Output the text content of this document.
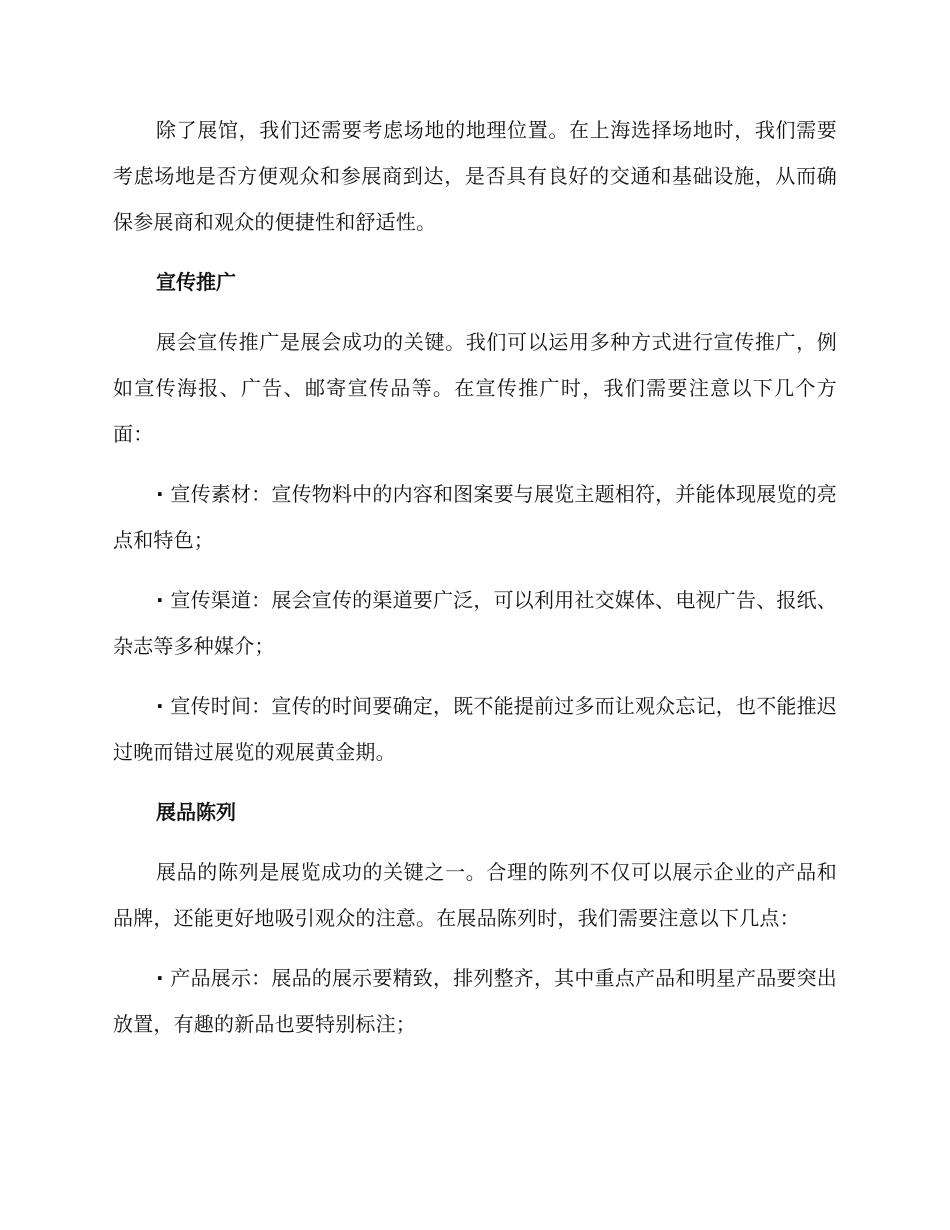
除了展馆，我们还需要考虑场地的地理位置。在上海选择场地时，我们需要考虑场地是否方便观众和参展商到达，是否具有良好的交通和基础设施，从而确保参展商和观众的便捷性和舒适性。

宣传推广

展会宣传推广是展会成功的关键。我们可以运用多种方式进行宣传推广，例如宣传海报、广告、邮寄宣传品等。在宣传推广时，我们需要注意以下几个方面：

· 宣传素材：宣传物料中的内容和图案要与展览主题相符，并能体现展览的亮点和特色；

· 宣传渠道：展会宣传的渠道要广泛，可以利用社交媒体、电视广告、报纸、杂志等多种媒介；

· 宣传时间：宣传的时间要确定，既不能提前过多而让观众忘记，也不能推迟过晚而错过展览的观展黄金期。

展品陈列

展品的陈列是展览成功的关键之一。合理的陈列不仅可以展示企业的产品和品牌，还能更好地吸引观众的注意。在展品陈列时，我们需要注意以下几点：

· 产品展示：展品的展示要精致，排列整齐，其中重点产品和明星产品要突出放置，有趣的新品也要特别标注；
